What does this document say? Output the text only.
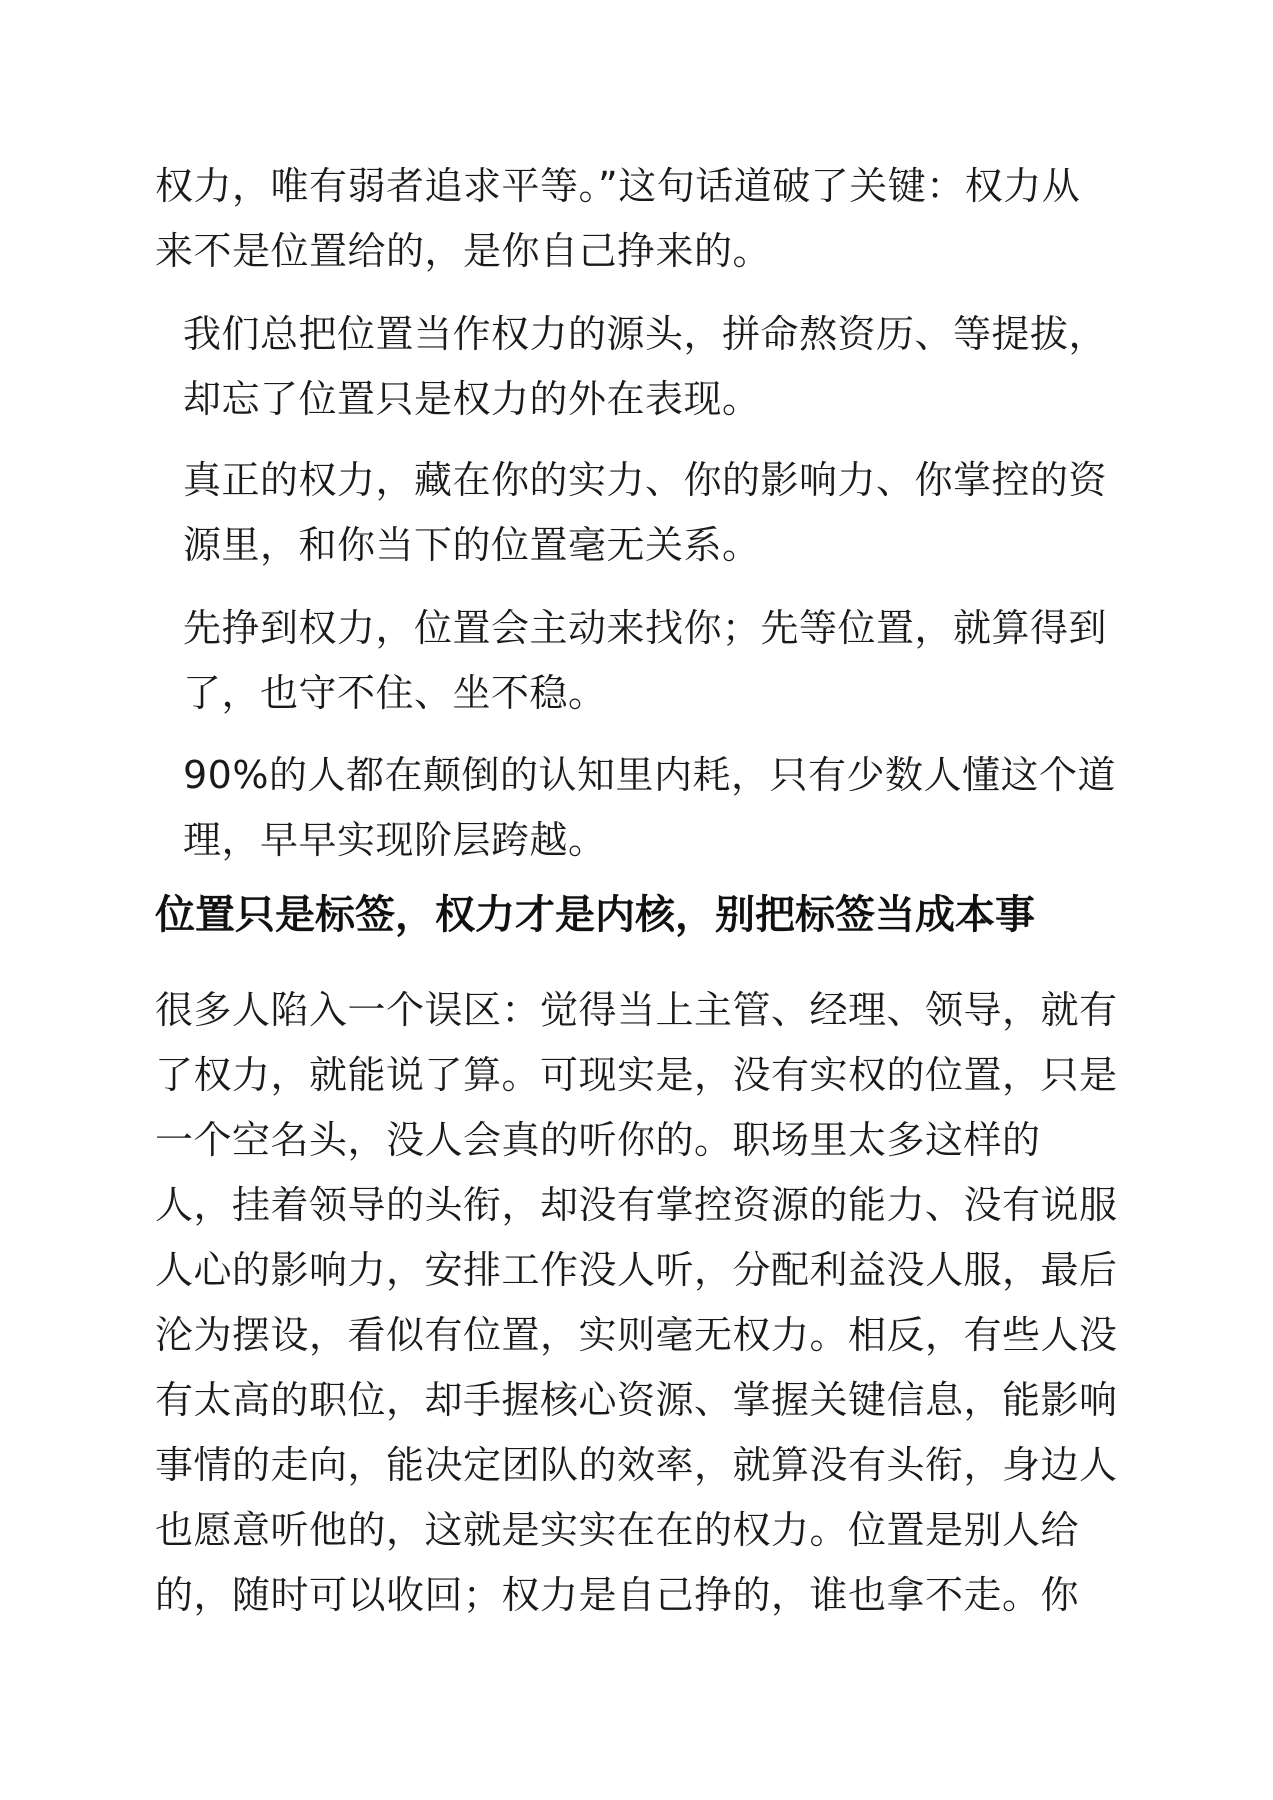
权力，唯有弱者追求平等。”这句话道破了关键：权力从
来不是位置给的，是你自己挣来的。
我们总把位置当作权力的源头，拼命熬资历、等提拔，
却忘了位置只是权力的外在表现。
真正的权力，藏在你的实力、你的影响力、你掌控的资
源里，和你当下的位置毫无关系。
先挣到权力，位置会主动来找你；先等位置，就算得到
了，也守不住、坐不稳。
90%的人都在颠倒的认知里内耗，只有少数人懂这个道
理，早早实现阶层跨越。
位置只是标签，权力才是内核，别把标签当成本事
很多人陷入一个误区：觉得当上主管、经理、领导，就有
了权力，就能说了算。可现实是，没有实权的位置，只是
一个空名头，没人会真的听你的。职场里太多这样的
人，挂着领导的头衔，却没有掌控资源的能力、没有说服
人心的影响力，安排工作没人听，分配利益没人服，最后
沦为摆设，看似有位置，实则毫无权力。相反，有些人没
有太高的职位，却手握核心资源、掌握关键信息，能影响
事情的走向，能决定团队的效率，就算没有头衔，身边人
也愿意听他的，这就是实实在在的权力。位置是别人给
的，随时可以收回；权力是自己挣的，谁也拿不走。你
